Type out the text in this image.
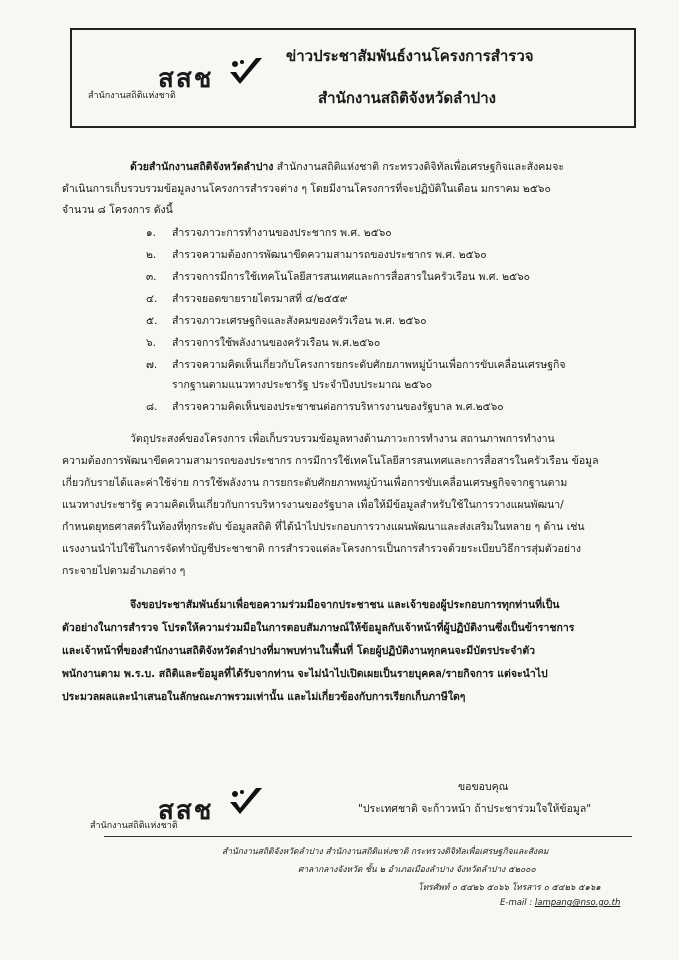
สสช
สำนักงานสถิติแห่งชาติ
ข่าวประชาสัมพันธ์งานโครงการสำรวจ
สำนักงานสถิติจังหวัดลำปาง
ด้วยสำนักงานสถิติจังหวัดลำปาง สำนักงานสถิติแห่งชาติ กระทรวงดิจิทัลเพื่อเศรษฐกิจและสังคมจะ
ดำเนินการเก็บรวบรวมข้อมูลงานโครงการสำรวจต่าง ๆ โดยมีงานโครงการที่จะปฏิบัติในเดือน มกราคม ๒๕๖๐
จำนวน ๘ โครงการ ดังนี้
๑.	สำรวจภาวะการทำงานของประชากร พ.ศ. ๒๕๖๐
๒.	สำรวจความต้องการพัฒนาขีดความสามารถของประชากร พ.ศ. ๒๕๖๐
๓.	สำรวจการมีการใช้เทคโนโลยีสารสนเทศและการสื่อสารในครัวเรือน พ.ศ. ๒๕๖๐
๔.	สำรวจยอดขายรายไตรมาสที่ ๔/๒๕๕๙
๕.	สำรวจภาวะเศรษฐกิจและสังคมของครัวเรือน พ.ศ. ๒๕๖๐
๖.	สำรวจการใช้พลังงานของครัวเรือน พ.ศ.๒๕๖๐
๗.	สำรวจความคิดเห็นเกี่ยวกับโครงการยกระดับศักยภาพหมู่บ้านเพื่อการขับเคลื่อนเศรษฐกิจ
รากฐานตามแนวทางประชารัฐ ประจำปีงบประมาณ ๒๕๖๐
๘.	สำรวจความคิดเห็นของประชาชนต่อการบริหารงานของรัฐบาล พ.ศ.๒๕๖๐
วัตถุประสงค์ของโครงการ เพื่อเก็บรวบรวมข้อมูลทางด้านภาวะการทำงาน สถานภาพการทำงาน
ความต้องการพัฒนาขีดความสามารถของประชากร การมีการใช้เทคโนโลยีสารสนเทศและการสื่อสารในครัวเรือน ข้อมูล
เกี่ยวกับรายได้และค่าใช้จ่าย การใช้พลังงาน การยกระดับศักยภาพหมู่บ้านเพื่อการขับเคลื่อนเศรษฐกิจจากฐานตาม
แนวทางประชารัฐ ความคิดเห็นเกี่ยวกับการบริหารงานของรัฐบาล เพื่อให้มีข้อมูลสำหรับใช้ในการวางแผนพัฒนา/
กำหนดยุทธศาสตร์ในท้องที่ทุกระดับ ข้อมูลสถิติ ที่ได้นำไปประกอบการวางแผนพัฒนาและส่งเสริมในหลาย ๆ ด้าน เช่น
แรงงานนำไปใช้ในการจัดทำบัญชีประชาชาติ การสำรวจแต่ละโครงการเป็นการสำรวจด้วยระเบียบวิธีการสุ่มตัวอย่าง
กระจายไปตามอำเภอต่าง ๆ
จึงขอประชาสัมพันธ์มาเพื่อขอความร่วมมือจากประชาชน และเจ้าของผู้ประกอบการทุกท่านที่เป็น
ตัวอย่างในการสำรวจ โปรดให้ความร่วมมือในการตอบสัมภาษณ์ให้ข้อมูลกับเจ้าหน้าที่ผู้ปฏิบัติงานซึ่งเป็นข้าราชการ
และเจ้าหน้าที่ของสำนักงานสถิติจังหวัดลำปางที่มาพบท่านในพื้นที่ โดยผู้ปฏิบัติงานทุกคนจะมีบัตรประจำตัว
พนักงานตาม พ.ร.บ. สถิติและข้อมูลที่ได้รับจากท่าน จะไม่นำไปเปิดเผยเป็นรายบุคคล/รายกิจการ แต่จะนำไป
ประมวลผลและนำเสนอในลักษณะภาพรวมเท่านั้น และไม่เกี่ยวข้องกับการเรียกเก็บภาษีใดๆ
ขอขอบคุณ
"ประเทศชาติ จะก้าวหน้า ถ้าประชาร่วมใจให้ข้อมูล"
สสช
สำนักงานสถิติแห่งชาติ
สำนักงานสถิติจังหวัดลำปาง สำนักงานสถิติแห่งชาติ กระทรวงดิจิทัลเพื่อเศรษฐกิจและสังคม
ศาลากลางจังหวัด ชั้น ๒ อำเภอเมืองลำปาง จังหวัดลำปาง ๕๒๐๐๐
โทรศัพท์ ๐ ๕๔๒๖ ๕๐๖๖ โทรสาร ๐ ๕๔๒๖ ๕๑๖๑
E-mail : lampang@nso.go.th
